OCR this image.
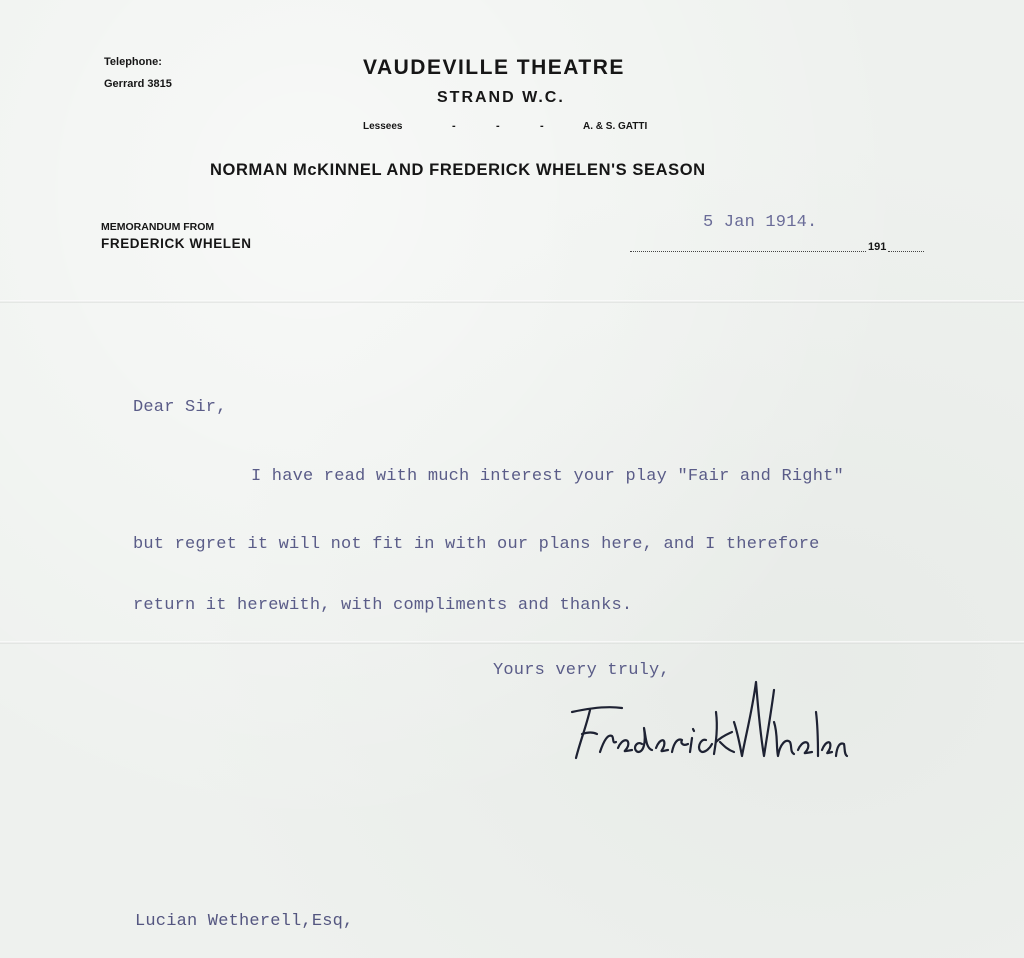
Telephone:
Gerrard 3815
VAUDEVILLE THEATRE
STRAND W.C.
Lessees	-	-	-	A. & S. GATTI
NORMAN McKINNEL AND FREDERICK WHELEN'S SEASON
MEMORANDUM FROM
FREDERICK WHELEN
5 Jan 1914.
191
Dear Sir,
I have read with much interest your play "Fair and Right"
but regret it will not fit in with our plans here, and I therefore
return it herewith, with compliments and thanks.
Yours very truly,
Lucian Wetherell,Esq,
